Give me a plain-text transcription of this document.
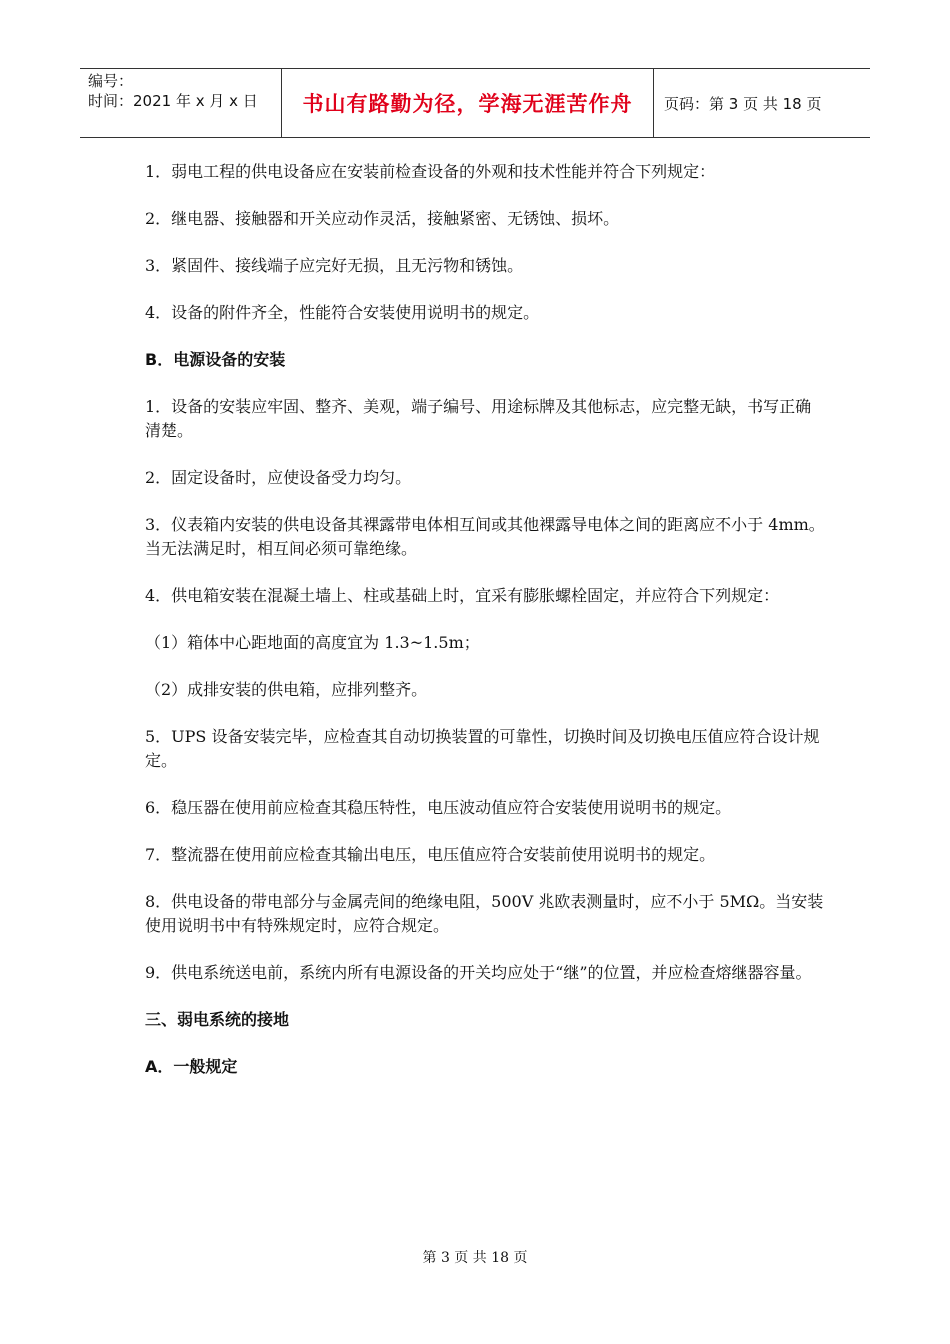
编号：
时间：2021 年 x 月 x 日	书山有路勤为径，学海无涯苦作舟	页码：第 3 页 共 18 页

1．弱电工程的供电设备应在安装前检查设备的外观和技术性能并符合下列规定：

2．继电器、接触器和开关应动作灵活，接触紧密、无锈蚀、损坏。

3．紧固件、接线端子应完好无损，且无污物和锈蚀。

4．设备的附件齐全，性能符合安装使用说明书的规定。

B．电源设备的安装

1．设备的安装应牢固、整齐、美观，端子编号、用途标牌及其他标志，应完整无缺，书写正确清楚。

2．固定设备时，应使设备受力均匀。

3．仪表箱内安装的供电设备其裸露带电体相互间或其他裸露导电体之间的距离应不小于 4mm。当无法满足时，相互间必须可靠绝缘。

4．供电箱安装在混凝土墙上、柱或基础上时，宜采有膨胀螺栓固定，并应符合下列规定：

（1）箱体中心距地面的高度宜为 1.3~1.5m；

（2）成排安装的供电箱，应排列整齐。

5．UPS 设备安装完毕，应检查其自动切换装置的可靠性，切换时间及切换电压值应符合设计规定。

6．稳压器在使用前应检查其稳压特性，电压波动值应符合安装使用说明书的规定。

7．整流器在使用前应检查其输出电压，电压值应符合安装前使用说明书的规定。

8．供电设备的带电部分与金属壳间的绝缘电阻，500V 兆欧表测量时，应不小于 5MΩ。当安装使用说明书中有特殊规定时，应符合规定。

9．供电系统送电前，系统内所有电源设备的开关均应处于“继”的位置，并应检查熔继器容量。

三、弱电系统的接地

A．一般规定

第 3 页 共 18 页
